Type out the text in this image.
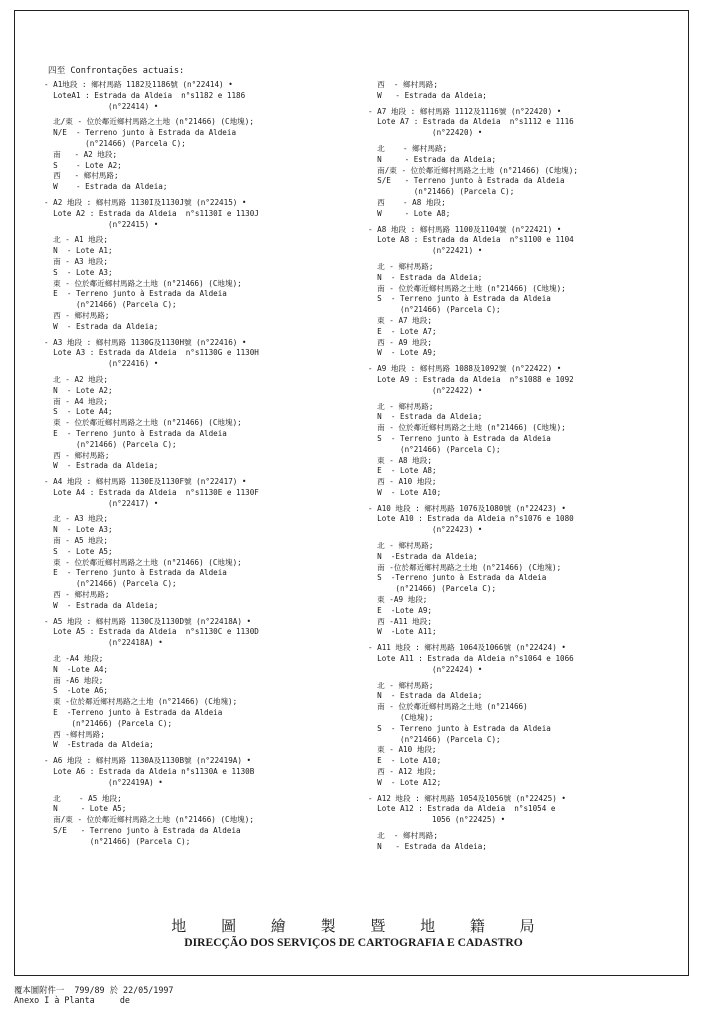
四至 Confrontações actuais:
- A1地段 : 鄉村馬路 1182及1186號 (n°22414) •
LoteA1 : Estrada da Aldeia  n°s1182 e 1186
(n°22414) •
北/東 - 位於鄰近鄉村馬路之土地 (n°21466) (C地塊);
N/E  - Terreno junto à Estrada da Aldeia
(n°21466) (Parcela C);
南   - A2 地段;
S    - Lote A2;
西   - 鄉村馬路;
W    - Estrada da Aldeia;
- A2 地段 : 鄉村馬路 1130I及1130J號 (n°22415) •
Lote A2 : Estrada da Aldeia  n°s1130I e 1130J
(n°22415) •
北 - A1 地段;
N  - Lote A1;
南 - A3 地段;
S  - Lote A3;
東 - 位於鄰近鄉村馬路之土地 (n°21466) (C地塊);
E  - Terreno junto à Estrada da Aldeia
(n°21466) (Parcela C);
西 - 鄉村馬路;
W  - Estrada da Aldeia;
- A3 地段 : 鄉村馬路 1130G及1130H號 (n°22416) •
Lote A3 : Estrada da Aldeia  n°s1130G e 1130H
(n°22416) •
北 - A2 地段;
N  - Lote A2;
南 - A4 地段;
S  - Lote A4;
東 - 位於鄰近鄉村馬路之土地 (n°21466) (C地塊);
E  - Terreno junto à Estrada da Aldeia
(n°21466) (Parcela C);
西 - 鄉村馬路;
W  - Estrada da Aldeia;
- A4 地段 : 鄉村馬路 1130E及1130F號 (n°22417) •
Lote A4 : Estrada da Aldeia  n°s1130E e 1130F
(n°22417) •
北 - A3 地段;
N  - Lote A3;
南 - A5 地段;
S  - Lote A5;
東 - 位於鄰近鄉村馬路之土地 (n°21466) (C地塊);
E  - Terreno junto à Estrada da Aldeia
(n°21466) (Parcela C);
西 - 鄉村馬路;
W  - Estrada da Aldeia;
- A5 地段 : 鄉村馬路 1130C及1130D號 (n°22418A) •
Lote A5 : Estrada da Aldeia  n°s1130C e 1130D
(n°22418A) •
北 -A4 地段;
N  -Lote A4;
南 -A6 地段;
S  -Lote A6;
東 -位於鄰近鄉村馬路之土地 (n°21466) (C地塊);
E  -Terreno junto à Estrada da Aldeia
(n°21466) (Parcela C);
西 -鄉村馬路;
W  -Estrada da Aldeia;
- A6 地段 : 鄉村馬路 1130A及1130B號 (n°22419A) •
Lote A6 : Estrada da Aldeia n°s1130A e 1130B
(n°22419A) •
北    - A5 地段;
N     - Lote A5;
南/東 - 位於鄰近鄉村馬路之土地 (n°21466) (C地塊);
S/E   - Terreno junto à Estrada da Aldeia
(n°21466) (Parcela C);
西  - 鄉村馬路;
W   - Estrada da Aldeia;
- A7 地段 : 鄉村馬路 1112及1116號 (n°22420) •
Lote A7 : Estrada da Aldeia  n°s1112 e 1116
(n°22420) •
北    - 鄉村馬路;
N     - Estrada da Aldeia;
南/東 - 位於鄰近鄉村馬路之土地 (n°21466) (C地塊);
S/E   - Terreno junto à Estrada da Aldeia
(n°21466) (Parcela C);
西    - A8 地段;
W     - Lote A8;
- A8 地段 : 鄉村馬路 1100及1104號 (n°22421) •
Lote A8 : Estrada da Aldeia  n°s1100 e 1104
(n°22421) •
北 - 鄉村馬路;
N  - Estrada da Aldeia;
南 - 位於鄰近鄉村馬路之土地 (n°21466) (C地塊);
S  - Terreno junto à Estrada da Aldeia
(n°21466) (Parcela C);
東 - A7 地段;
E  - Lote A7;
西 - A9 地段;
W  - Lote A9;
- A9 地段 : 鄉村馬路 1088及1092號 (n°22422) •
Lote A9 : Estrada da Aldeia  n°s1088 e 1092
(n°22422) •
北 - 鄉村馬路;
N  - Estrada da Aldeia;
南 - 位於鄰近鄉村馬路之土地 (n°21466) (C地塊);
S  - Terreno junto à Estrada da Aldeia
(n°21466) (Parcela C);
東 - A8 地段;
E  - Lote A8;
西 - A10 地段;
W  - Lote A10;
- A10 地段 : 鄉村馬路 1076及1080號 (n°22423) •
Lote A10 : Estrada da Aldeia n°s1076 e 1080
(n°22423) •
北 - 鄉村馬路;
N  -Estrada da Aldeia;
南 -位於鄰近鄉村馬路之土地 (n°21466) (C地塊);
S  -Terreno junto à Estrada da Aldeia
(n°21466) (Parcela C);
東 -A9 地段;
E  -Lote A9;
西 -A11 地段;
W  -Lote A11;
- A11 地段 : 鄉村馬路 1064及1066號 (n°22424) •
Lote A11 : Estrada da Aldeia n°s1064 e 1066
(n°22424) •
北 - 鄉村馬路;
N  - Estrada da Aldeia;
南 - 位於鄰近鄉村馬路之土地 (n°21466)
(C地塊);
S  - Terreno junto à Estrada da Aldeia
(n°21466) (Parcela C);
東 - A10 地段;
E  - Lote A10;
西 - A12 地段;
W  - Lote A12;
- A12 地段 : 鄉村馬路 1054及1056號 (n°22425) •
Lote A12 : Estrada da Aldeia  n°s1054 e
1056 (n°22425) •
北  - 鄉村馬路;
N   - Estrada da Aldeia;
地 圖 繪 製 暨 地 籍 局
DIRECÇÃO DOS SERVIÇOS DE CARTOGRAFIA E CADASTRO
覆本圖附件一  799/89 於 22/05/1997
Anexo I à Planta     de
